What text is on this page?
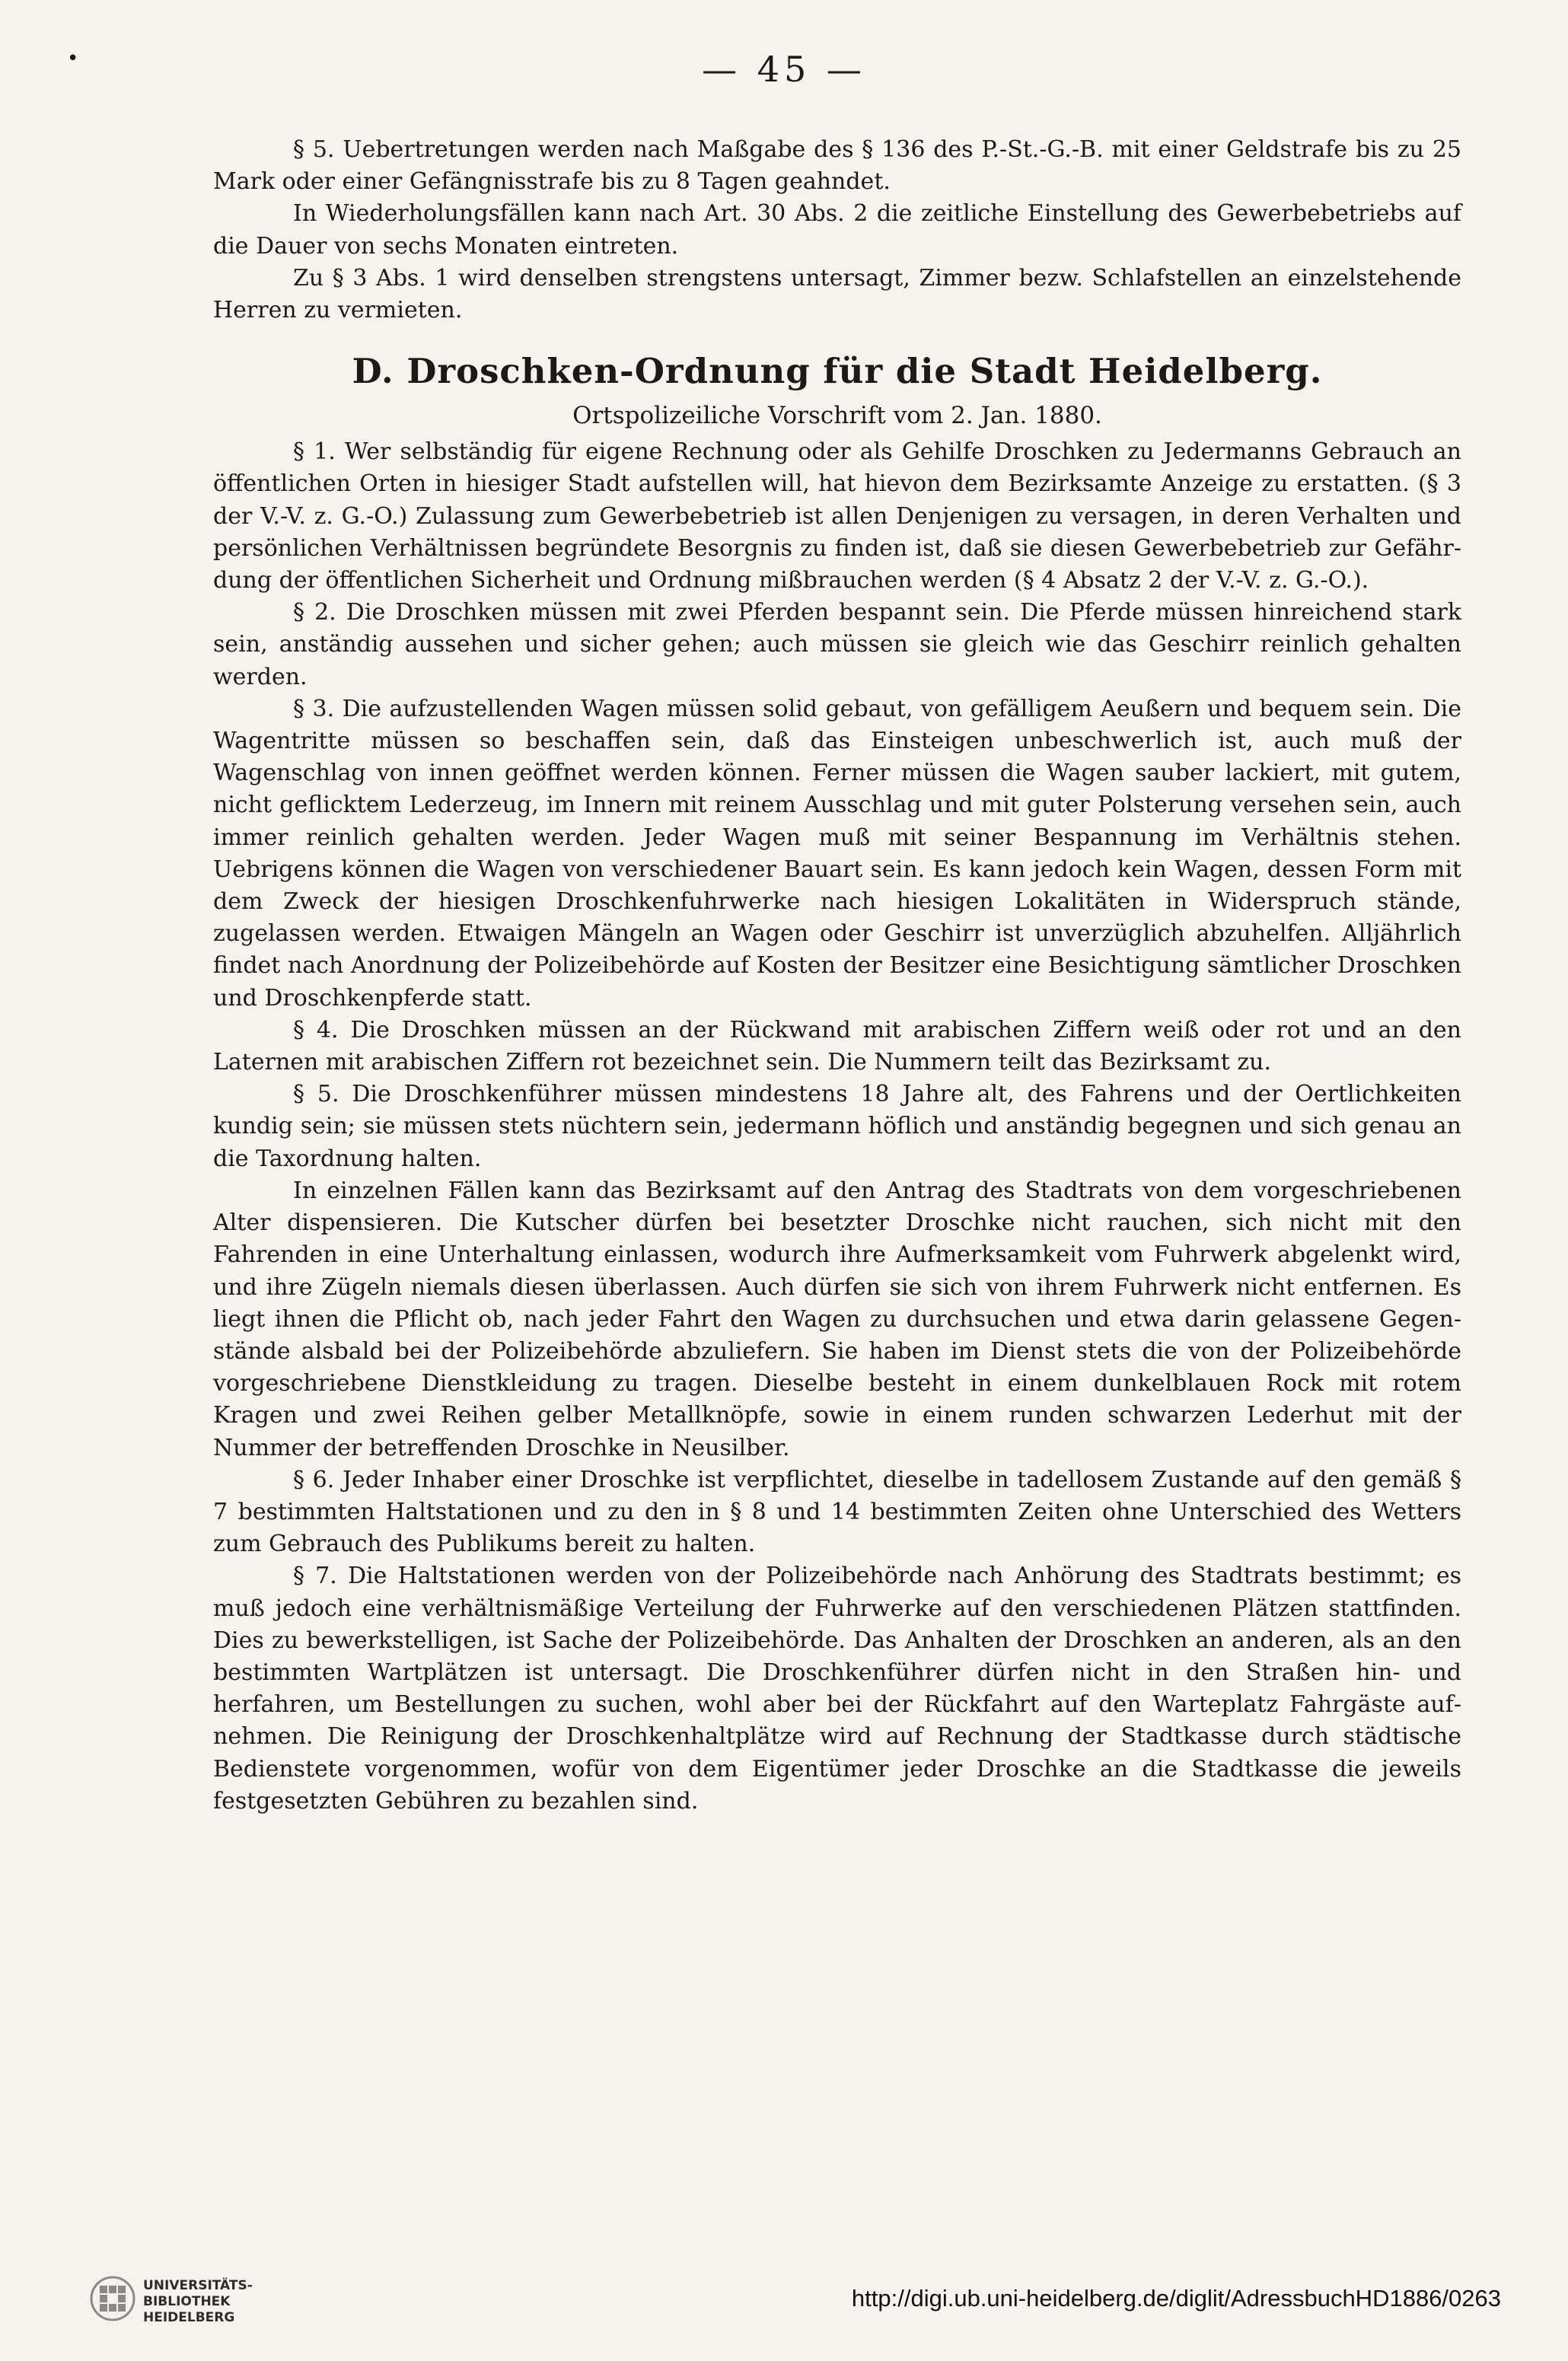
•	— 45 —

§ 5. Uebertretungen werden nach Maßgabe des § 136 des P.-St.-G.-B. mit einer Geldstrafe bis zu 25 Mark oder einer Gefängnisstrafe bis zu 8 Tagen geahndet.

In Wiederholungsfällen kann nach Art. 30 Abs. 2 die zeitliche Einstellung des Gewerbebetriebs auf die Dauer von sechs Monaten eintreten.

Zu § 3 Abs. 1 wird denselben strengstens untersagt, Zimmer bezw. Schlafstellen an einzelstehende Herren zu vermieten.

D. Droschken-Ordnung für die Stadt Heidelberg.
Ortspolizeiliche Vorschrift vom 2. Jan. 1880.

§ 1. Wer selbständig für eigene Rechnung oder als Gehilfe Droschken zu Jedermanns Gebrauch an öffentlichen Orten in hiesiger Stadt aufstellen will, hat hievon dem Bezirksamte Anzeige zu erstatten. (§ 3 der V.-V. z. G.-O.) Zulassung zum Gewerbebetrieb ist allen Denjenigen zu versagen, in deren Verhalten und persönlichen Verhältnissen begründete Besorgnis zu finden ist, daß sie diesen Gewerbebetrieb zur Gefährdung der öffentlichen Sicherheit und Ordnung mißbrauchen werden (§ 4 Absatz 2 der V.-V. z. G.-O.).

§ 2. Die Droschken müssen mit zwei Pferden bespannt sein. Die Pferde müssen hinreichend stark sein, anständig aussehen und sicher gehen; auch müssen sie gleich wie das Geschirr reinlich gehalten werden.

§ 3. Die aufzustellenden Wagen müssen solid gebaut, von gefälligem Aeußern und bequem sein. Die Wagentritte müssen so beschaffen sein, daß das Einsteigen unbeschwerlich ist, auch muß der Wagenschlag von innen geöffnet werden können. Ferner müssen die Wagen sauber lackiert, mit gutem, nicht geflicktem Lederzeug, im Innern mit reinem Ausschlag und mit guter Polsterung versehen sein, auch immer reinlich gehalten werden. Jeder Wagen muß mit seiner Bespannung im Verhältnis stehen. Uebrigens können die Wagen von verschiedener Bauart sein. Es kann jedoch kein Wagen, dessen Form mit dem Zweck der hiesigen Droschkenfuhrwerke nach hiesigen Lokalitäten in Widerspruch stände, zugelassen werden. Etwaigen Mängeln an Wagen oder Geschirr ist unverzüglich abzuhelfen. Alljährlich findet nach Anordnung der Polizeibehörde auf Kosten der Besitzer eine Besichtigung sämtlicher Droschken und Droschkenpferde statt.

§ 4. Die Droschken müssen an der Rückwand mit arabischen Ziffern weiß oder rot und an den Laternen mit arabischen Ziffern rot bezeichnet sein. Die Nummern teilt das Bezirksamt zu.

§ 5. Die Droschkenführer müssen mindestens 18 Jahre alt, des Fahrens und der Oertlichkeiten kundig sein; sie müssen stets nüchtern sein, jedermann höflich und anständig begegnen und sich genau an die Taxordnung halten.

In einzelnen Fällen kann das Bezirksamt auf den Antrag des Stadtrats von dem vorgeschriebenen Alter dispensieren. Die Kutscher dürfen bei besetzter Droschke nicht rauchen, sich nicht mit den Fahrenden in eine Unterhaltung einlassen, wodurch ihre Aufmerksamkeit vom Fuhrwerk abgelenkt wird, und ihre Zügeln niemals diesen überlassen. Auch dürfen sie sich von ihrem Fuhrwerk nicht entfernen. Es liegt ihnen die Pflicht ob, nach jeder Fahrt den Wagen zu durchsuchen und etwa darin gelassene Gegenstände alsbald bei der Polizeibehörde abzuliefern. Sie haben im Dienst stets die von der Polizeibehörde vorgeschriebene Dienstkleidung zu tragen. Dieselbe besteht in einem dunkelblauen Rock mit rotem Kragen und zwei Reihen gelber Metallknöpfe, sowie in einem runden schwarzen Lederhut mit der Nummer der betreffenden Droschke in Neusilber.

§ 6. Jeder Inhaber einer Droschke ist verpflichtet, dieselbe in tadellosem Zustande auf den gemäß § 7 bestimmten Haltstationen und zu den in § 8 und 14 bestimmten Zeiten ohne Unterschied des Wetters zum Gebrauch des Publikums bereit zu halten.

§ 7. Die Haltstationen werden von der Polizeibehörde nach Anhörung des Stadtrats bestimmt; es muß jedoch eine verhältnismäßige Verteilung der Fuhrwerke auf den verschiedenen Plätzen stattfinden. Dies zu bewerkstelligen, ist Sache der Polizeibehörde. Das Anhalten der Droschken an anderen, als an den bestimmten Wartplätzen ist untersagt. Die Droschkenführer dürfen nicht in den Straßen hin- und herfahren, um Bestellungen zu suchen, wohl aber bei der Rückfahrt auf den Warteplatz Fahrgäste aufnehmen. Die Reinigung der Droschkenhaltplätze wird auf Rechnung der Stadtkasse durch städtische Bedienstete vorgenommen, wofür von dem Eigentümer jeder Droschke an die Stadtkasse die jeweils festgesetzten Gebühren zu bezahlen sind.

UNIVERSITÄTS-
BIBLIOTHEK
HEIDELBERG
http://digi.ub.uni-heidelberg.de/diglit/AdressbuchHD1886/0263
